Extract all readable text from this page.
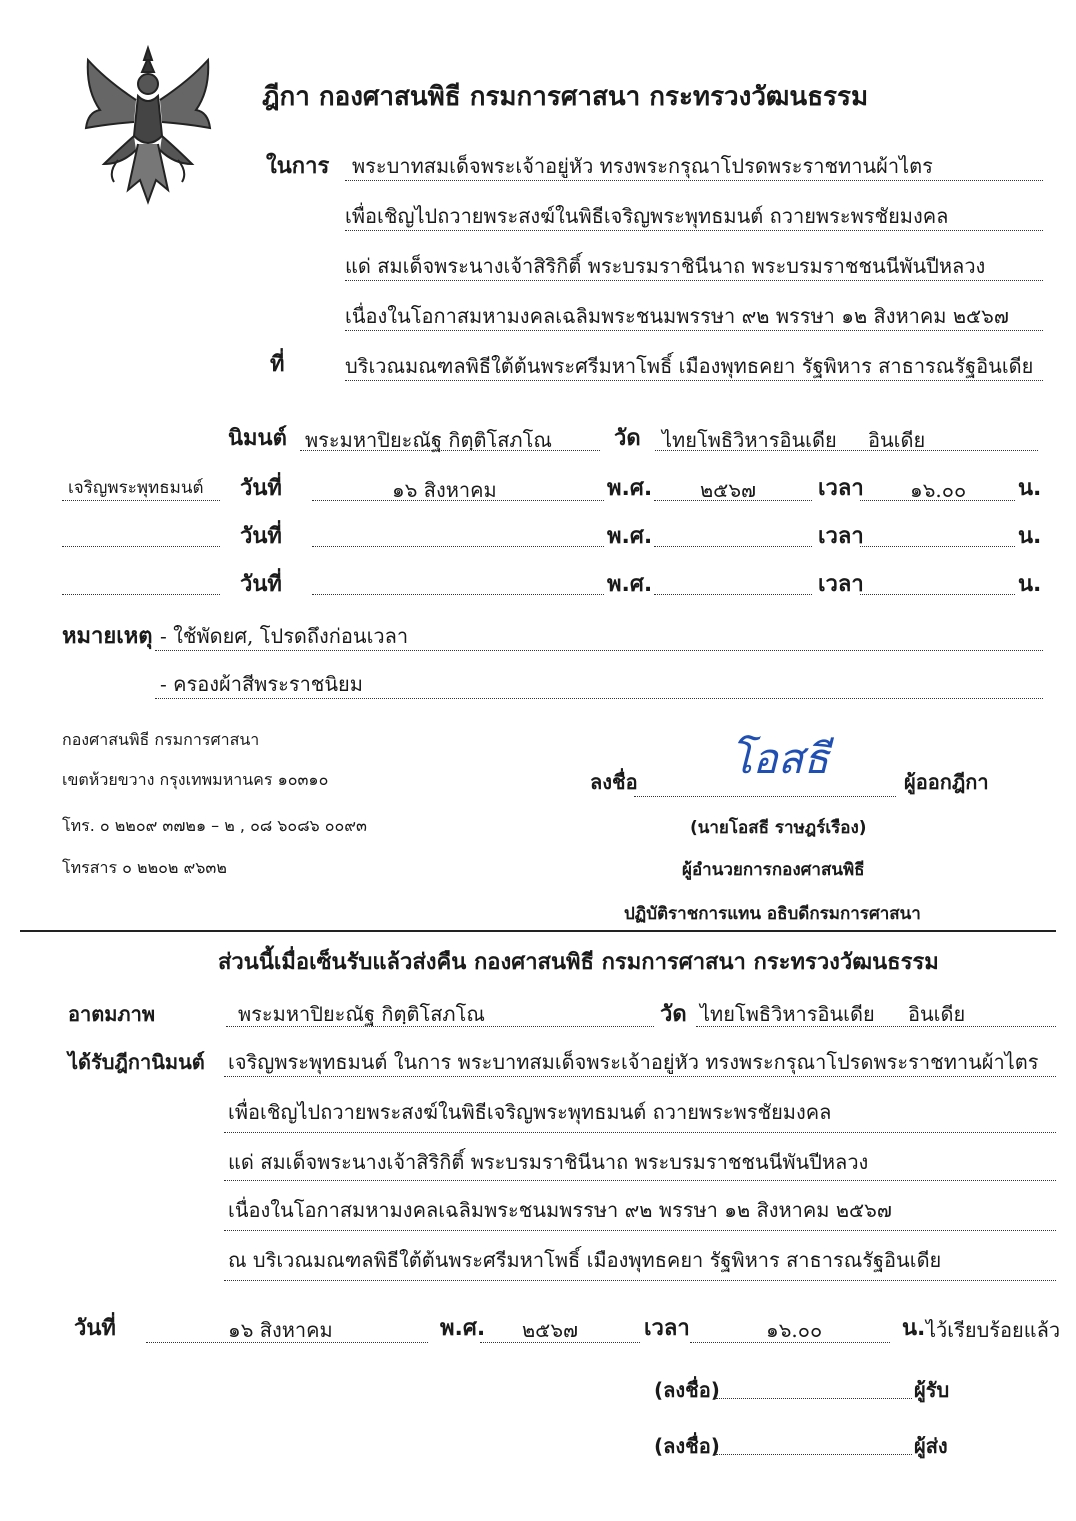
ฎีกา กองศาสนพิธี กรมการศาสนา กระทรวงวัฒนธรรม
ในการ พระบาทสมเด็จพระเจ้าอยู่หัว ทรงพระกรุณาโปรดพระราชทานผ้าไตร
เพื่อเชิญไปถวายพระสงฆ์ในพิธีเจริญพระพุทธมนต์ ถวายพระพรชัยมงคล
แด่ สมเด็จพระนางเจ้าสิริกิติ์ พระบรมราชินีนาถ พระบรมราชชนนีพันปีหลวง
เนื่องในโอกาสมหามงคลเฉลิมพระชนมพรรษา ๙๒ พรรษา ๑๒ สิงหาคม ๒๕๖๗
ที่	บริเวณมณฑลพิธีใต้ต้นพระศรีมหาโพธิ์ เมืองพุทธคยา รัฐพิหาร สาธารณรัฐอินเดีย
นิมนต์ พระมหาปิยะณัฐ กิตฺติโสภโณ	วัด ไทยโพธิวิหารอินเดีย อินเดีย
เจริญพระพุทธมนต์ วันที่	๑๖ สิงหาคม	พ.ศ. ๒๕๖๗	เวลา ๑๖.๐๐ น.
วันที่	พ.ศ.	เวลา	น.
วันที่	พ.ศ.	เวลา	น.
หมายเหตุ - ใช้พัดยศ, โปรดถึงก่อนเวลา
- ครองผ้าสีพระราชนิยม
กองศาสนพิธี กรมการศาสนา
เขตห้วยขวาง กรุงเทพมหานคร ๑๐๓๑๐
โทร. ๐ ๒๒๐๙ ๓๗๒๑ – ๒ , ๐๘ ๖๐๘๖ ๐๐๙๓
โทรสาร ๐ ๒๒๐๒ ๙๖๓๒
ลงชื่อ โอสธี	ผู้ออกฎีกา
(นายโอสธี ราษฎร์เรือง)
ผู้อำนวยการกองศาสนพิธี
ปฏิบัติราชการแทน อธิบดีกรมการศาสนา
ส่วนนี้เมื่อเซ็นรับแล้วส่งคืน กองศาสนพิธี กรมการศาสนา กระทรวงวัฒนธรรม
อาตมภาพ	พระมหาปิยะณัฐ กิตฺติโสภโณ	วัด ไทยโพธิวิหารอินเดีย อินเดีย
ได้รับฎีกานิมนต์ เจริญพระพุทธมนต์ ในการ พระบาทสมเด็จพระเจ้าอยู่หัว ทรงพระกรุณาโปรดพระราชทานผ้าไตร
เพื่อเชิญไปถวายพระสงฆ์ในพิธีเจริญพระพุทธมนต์ ถวายพระพรชัยมงคล
แด่ สมเด็จพระนางเจ้าสิริกิติ์ พระบรมราชินีนาถ พระบรมราชชนนีพันปีหลวง
เนื่องในโอกาสมหามงคลเฉลิมพระชนมพรรษา ๙๒ พรรษา ๑๒ สิงหาคม ๒๕๖๗
ณ บริเวณมณฑลพิธีใต้ต้นพระศรีมหาโพธิ์ เมืองพุทธคยา รัฐพิหาร สาธารณรัฐอินเดีย
วันที่	๑๖ สิงหาคม	พ.ศ. ๒๕๖๗	เวลา	๑๖.๐๐	น. ไว้เรียบร้อยแล้ว
(ลงชื่อ)	ผู้รับ
(ลงชื่อ)	ผู้ส่ง
